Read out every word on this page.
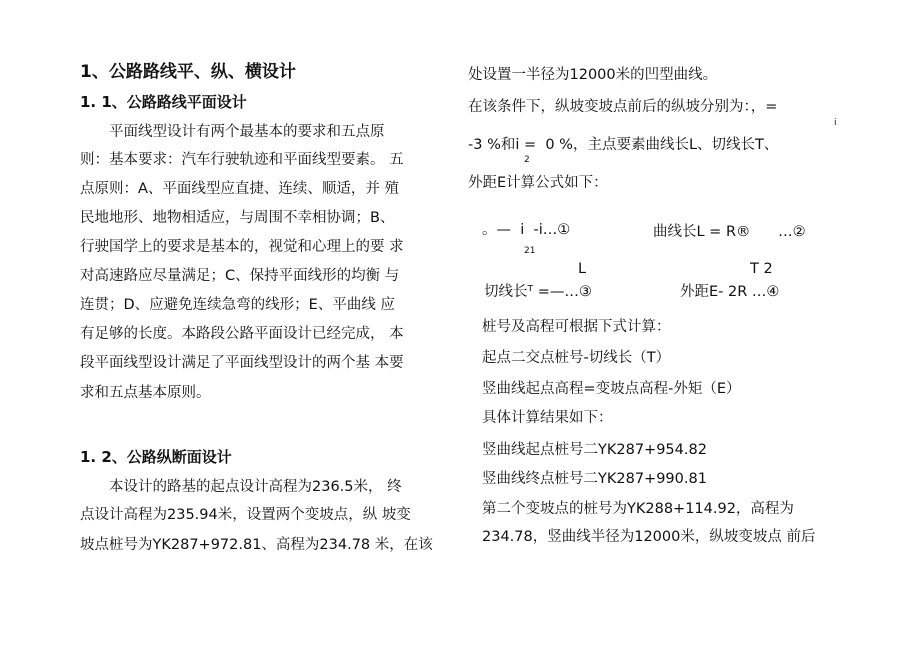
1、公路路线平、纵、横设计
1. 1、公路路线平面设计
　　平面线型设计有两个最基本的要求和五点原
则：基本要求：汽车行驶轨迹和平面线型要素。 五
点原则：A、平面线型应直捷、连续、顺适，并 殖
民地地形、地物相适应，与周围不幸相协调；B、
行驶国学上的要求是基本的，视觉和心理上的要 求
对高速路应尽量满足；C、保持平面线形的均衡 与
连贯；D、应避免连续急弯的线形；E、平曲线 应
有足够的长度。本路段公路平面设计已经完成， 本
段平面线型设计满足了平面线型设计的两个基 本要
求和五点基本原则。
1. 2、公路纵断面设计
　　本设计的路基的起点设计高程为236.5米， 终
点设计高程为235.94米，设置两个变坡点，纵 坡变
坡点桩号为YK287+972.81、高程为234.78 米，在该
处设置一半径为12000米的凹型曲线。
在该条件下，纵坡变坡点前后的纵坡分别为：，=
i
-3 %和i =  0 %，主点要素曲线长L、切线长T、
2
外距E计算公式如下：
。—  i  -i…①
21
曲线长L = R®      …②
L
切线长ᵀ =—…③
T 2
外距E- 2R …④
桩号及高程可根据下式计算：
起点二交点桩号-切线长（T）
竖曲线起点高程=变坡点高程-外矩（E）
具体计算结果如下：
竖曲线起点桩号二YK287+954.82
竖曲线终点桩号二YK287+990.81
第二个变坡点的桩号为YK288+114.92，高程为
234.78，竖曲线半径为12000米，纵坡变坡点 前后
